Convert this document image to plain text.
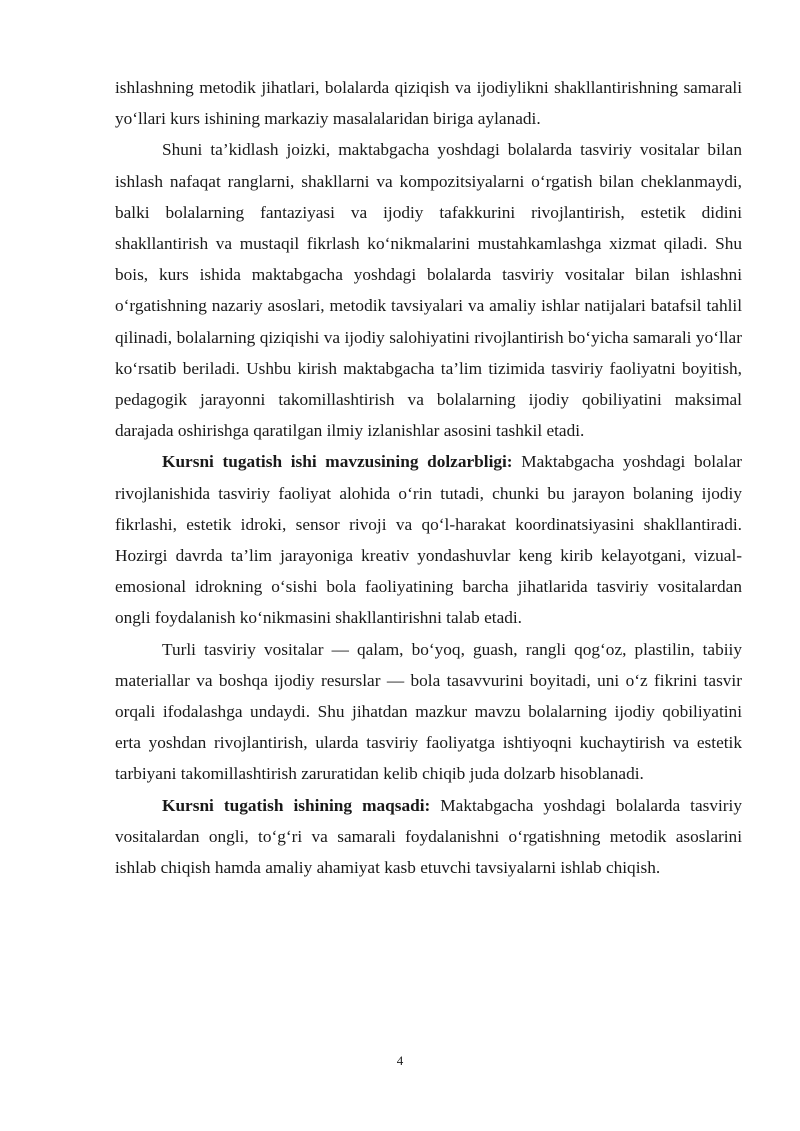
ishlashning metodik jihatlari, bolalarda qiziqish va ijodiylikni shakllantirishning samarali yo‘llari kurs ishining markaziy masalalaridan biriga aylanadi.

Shuni ta’kidlash joizki, maktabgacha yoshdagi bolalarda tasviriy vositalar bilan ishlash nafaqat ranglarni, shakllarni va kompozitsiyalarni o‘rgatish bilan cheklanmaydi, balki bolalarning fantaziyasi va ijodiy tafakkurini rivojlantirish, estetik didini shakllantirish va mustaqil fikrlash ko‘nikmalarini mustahkamlashga xizmat qiladi. Shu bois, kurs ishida maktabgacha yoshdagi bolalarda tasviriy vositalar bilan ishlashni o‘rgatishning nazariy asoslari, metodik tavsiyalari va amaliy ishlar natijalari batafsil tahlil qilinadi, bolalarning qiziqishi va ijodiy salohiyatini rivojlantirish bo‘yicha samarali yo‘llar ko‘rsatib beriladi. Ushbu kirish maktabgacha ta’lim tizimida tasviriy faoliyatni boyitish, pedagogik jarayonni takomillashtirish va bolalarning ijodiy qobiliyatini maksimal darajada oshirishga qaratilgan ilmiy izlanishlar asosini tashkil etadi.

Kursni tugatish ishi mavzusining dolzarbligi: Maktabgacha yoshdagi bolalar rivojlanishida tasviriy faoliyat alohida o‘rin tutadi, chunki bu jarayon bolaning ijodiy fikrlashi, estetik idroki, sensor rivoji va qo‘l-harakat koordinatsiyasini shakllantiradi. Hozirgi davrda ta’lim jarayoniga kreativ yondashuvlar keng kirib kelayotgani, vizual-emosional idrokning o‘sishi bola faoliyatining barcha jihatlarida tasviriy vositalardan ongli foydalanish ko‘nikmasini shakllantirishni talab etadi.

Turli tasviriy vositalar — qalam, bo‘yoq, guash, rangli qog‘oz, plastilin, tabiiy materiallar va boshqa ijodiy resurslar — bola tasavvurini boyitadi, uni o‘z fikrini tasvir orqali ifodalashga undaydi. Shu jihatdan mazkur mavzu bolalarning ijodiy qobiliyatini erta yoshdan rivojlantirish, ularda tasviriy faoliyatga ishtiyoqni kuchaytirish va estetik tarbiyani takomillashtirish zaruratidan kelib chiqib juda dolzarb hisoblanadi.

Kursni tugatish ishining maqsadi: Maktabgacha yoshdagi bolalarda tasviriy vositalardan ongli, to‘g‘ri va samarali foydalanishni o‘rgatishning metodik asoslarini ishlab chiqish hamda amaliy ahamiyat kasb etuvchi tavsiyalarni ishlab chiqish.

4
